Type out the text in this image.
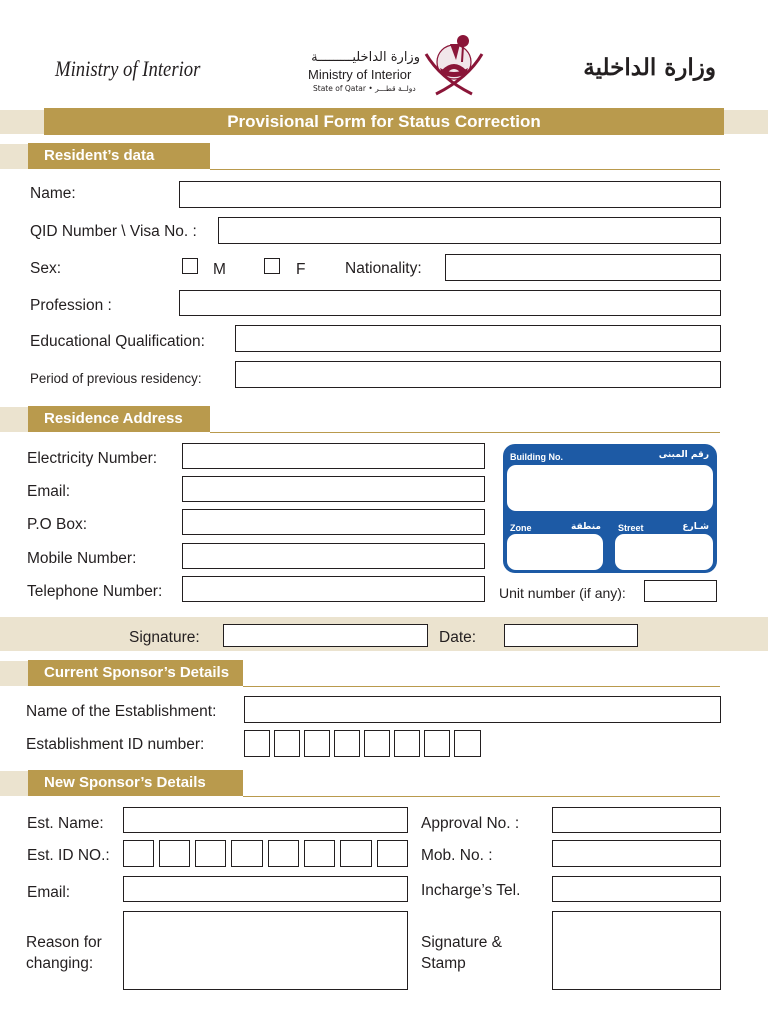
Ministry of Interior	وزارة الداخليـــــــــة
Ministry of Interior
State of Qatar • دولــة قطـــر
وزارة الداخلية
Provisional Form for Status Correction
Resident’s data
Name:
QID Number \ Visa No. :
Sex:	M	F	Nationality:
Profession :
Educational Qualification:
Period of previous residency:
Residence Address
Electricity Number:
Email:
P.O Box:
Mobile Number:
Telephone Number:
Building No.	رقم المبنى
Zone	منطقة Street	شـارع
Unit number (if any):
Signature:	Date:
Current Sponsor’s Details
Name of the Establishment:
Establishment ID number:
New Sponsor’s Details
Est. Name:	Approval No. :
Est. ID NO.:	Mob. No. :
Email:	Incharge’s Tel.
Reason for
changing:
Signature &
Stamp
